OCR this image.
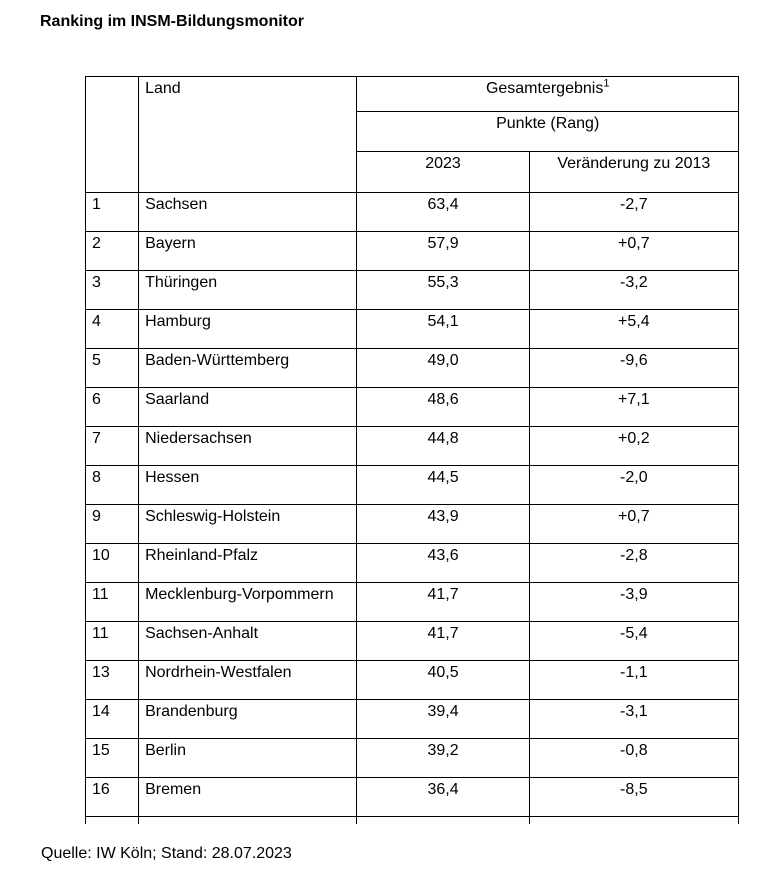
Ranking im INSM-Bildungsmonitor
	Land	Gesamtergebnis$^1$
		Punkte (Rang)	
		2023	Veränderung zu 2013
1	Sachsen	63,4	-2,7
2	Bayern	57,9	+0,7
3	Thüringen	55,3	-3,2
4	Hamburg	54,1	+5,4
5	Baden-Württemberg	49,0	-9,6
6	Saarland	48,6	+7,1
7	Niedersachsen	44,8	+0,2
8	Hessen	44,5	-2,0
9	Schleswig-Holstein	43,9	+0,7
10	Rheinland-Pfalz	43,6	-2,8
11	Mecklenburg-Vorpommern	41,7	-3,9
11	Sachsen-Anhalt	41,7	-5,4
13	Nordrhein-Westfalen	40,5	-1,1
14	Brandenburg	39,4	-3,1
15	Berlin	39,2	-0,8
16	Bremen	36,4	-8,5

Quelle: IW Köln; Stand: 28.07.2023
